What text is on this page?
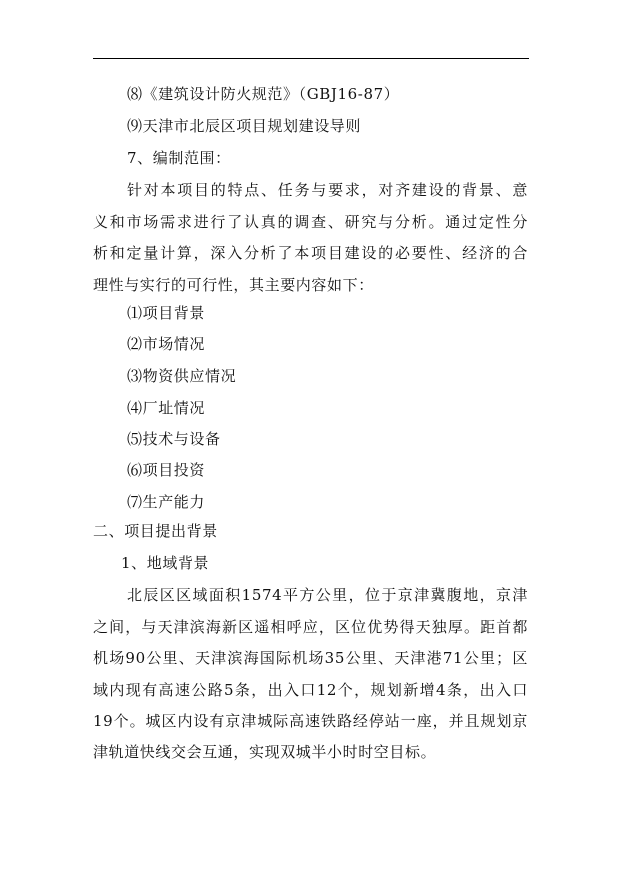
⑻《建筑设计防火规范》（GBJ16-87）
⑼天津市北辰区项目规划建设导则
7、编制范围：
针对本项目的特点、任务与要求，对齐建设的背景、意
义和市场需求进行了认真的调查、研究与分析。通过定性分
析和定量计算，深入分析了本项目建设的必要性、经济的合
理性与实行的可行性，其主要内容如下：
⑴项目背景
⑵市场情况
⑶物资供应情况
⑷厂址情况
⑸技术与设备
⑹项目投资
⑺生产能力
二、项目提出背景
1、地域背景
北辰区区域面积1574平方公里，位于京津冀腹地，京津
之间，与天津滨海新区遥相呼应，区位优势得天独厚。距首都
机场90公里、天津滨海国际机场35公里、天津港71公里；区
域内现有高速公路5条，出入口12个，规划新增4条，出入口
19个。城区内设有京津城际高速铁路经停站一座，并且规划京
津轨道快线交会互通，实现双城半小时时空目标。
